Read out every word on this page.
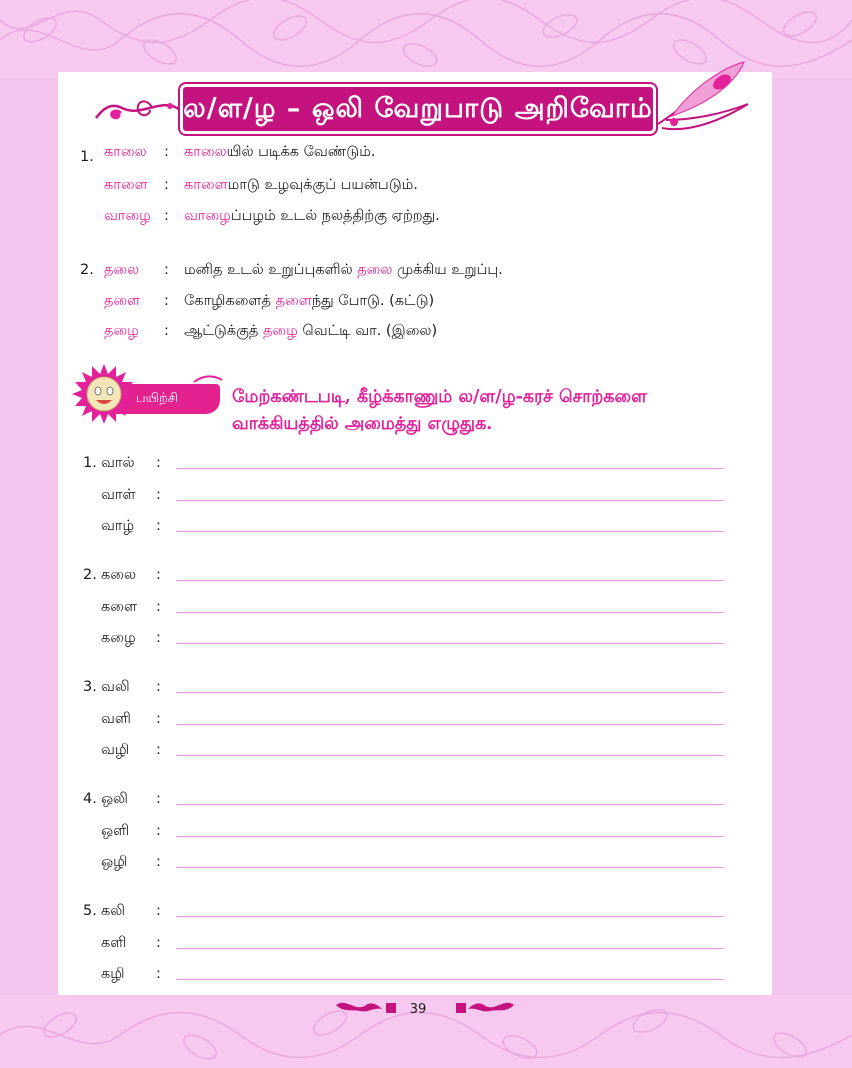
ல/ள/ழ – ஒலி வேறுபாடு அறிவோம்
1. காலை : காலையில் படிக்க வேண்டும்.
காளை : காளைமாடு உழவுக்குப் பயன்படும்.
வாழை : வாழைப்பழம் உடல் நலத்திற்கு ஏற்றது.
2. தலை : மனித உடல் உறுப்புகளில் தலை முக்கிய உறுப்பு.
தளை : கோழிகளைத் தளைந்து போடு. (கட்டு)
தழை : ஆட்டுக்குத் தழை வெட்டி வா. (இலை)
பயிற்சி	மேற்கண்டபடி, கீழ்க்காணும் ல/ள/ழ-கரச் சொற்களை
வாக்கியத்தில் அமைத்து எழுதுக.
1. வால் :
வாள் :
வாழ் :
2. கலை :
களை :
கழை :
3. வலி :
வளி :
வழி :
4. ஒலி :
ஒளி :
ஒழி :
5. கலி :
களி :
கழி :
39
